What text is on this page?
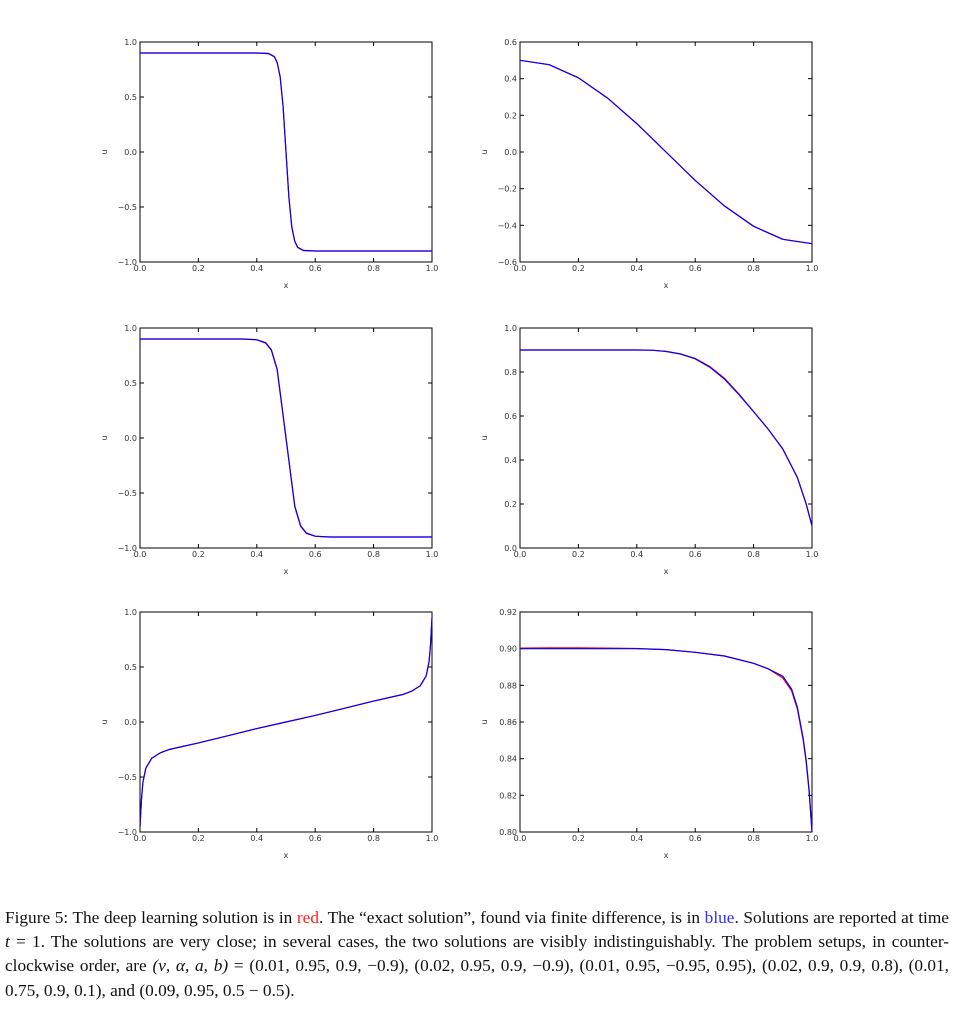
0.0	0.2	0.4	0.6	0.8	1.0
−1.0
−0.5
0.0
0.5
1.0
x
u
0.0	0.2	0.4	0.6	0.8	1.0
−0.6
−0.4
−0.2
0.0
0.2
0.4
0.6
x
u
0.0	0.2	0.4	0.6	0.8	1.0
−1.0
−0.5
0.0
0.5
1.0
x
u
0.0	0.2	0.4	0.6	0.8	1.0
0.0
0.2
0.4
0.6
0.8
1.0
x
u
0.0	0.2	0.4	0.6	0.8	1.0
−1.0
−0.5
0.0
0.5
1.0
x
u
0.0	0.2	0.4	0.6	0.8	1.0
0.80
0.82
0.84
0.86
0.88
0.90
0.92
x
u
Figure 5: The deep learning solution is in red. The “exact solution”, found via finite difference, is in blue. Solutions are reported at time t = 1. The solutions are very close; in several cases, the two solutions are visibly indistinguishably. The problem setups, in counter-clockwise order, are (ν, α, a, b) = (0.01, 0.95, 0.9, −0.9), (0.02, 0.95, 0.9, −0.9), (0.01, 0.95, −0.95, 0.95), (0.02, 0.9, 0.9, 0.8), (0.01, 0.75, 0.9, 0.1), and (0.09, 0.95, 0.5 − 0.5).
